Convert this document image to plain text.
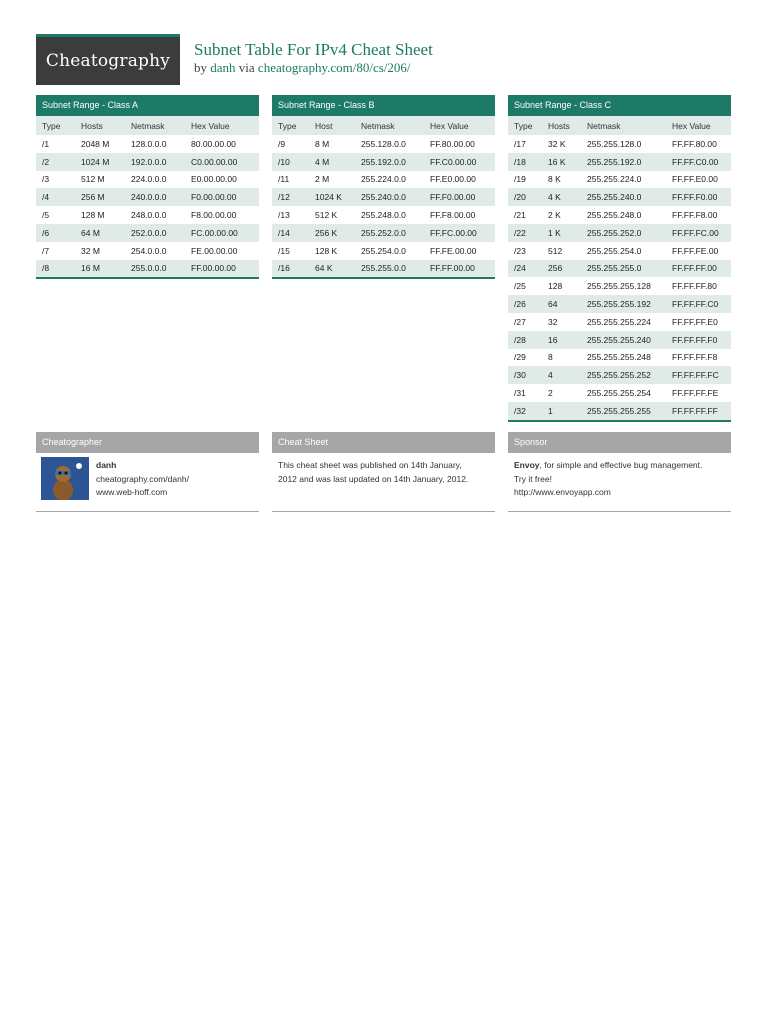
Cheatography
Subnet Table For IPv4 Cheat Sheet
by danh via cheatography.com/80/cs/206/
Subnet Range - Class A
Type	Hosts	Netmask	Hex Value
/1	2048 M	128.0.0.0	80.00.00.00
/2	1024 M	192.0.0.0	C0.00.00.00
/3	512 M	224.0.0.0	E0.00.00.00
/4	256 M	240.0.0.0	F0.00.00.00
/5	128 M	248.0.0.0	F8.00.00.00
/6	64 M	252.0.0.0	FC.00.00.00
/7	32 M	254.0.0.0	FE.00.00.00
/8	16 M	255.0.0.0	FF.00.00.00
Subnet Range - Class B
Type	Host	Netmask	Hex Value
/9	8 M	255.128.0.0	FF.80.00.00
/10	4 M	255.192.0.0	FF.C0.00.00
/11	2 M	255.224.0.0	FF.E0.00.00
/12	1024 K	255.240.0.0	FF.F0.00.00
/13	512 K	255.248.0.0	FF.F8.00.00
/14	256 K	255.252.0.0	FF.FC.00.00
/15	128 K	255.254.0.0	FF.FE.00.00
/16	64 K	255.255.0.0	FF.FF.00.00
Subnet Range - Class C
Type	Hosts	Netmask	Hex Value
/17	32 K	255.255.128.0	FF.FF.80.00
/18	16 K	255.255.192.0	FF.FF.C0.00
/19	8 K	255.255.224.0	FF.FF.E0.00
/20	4 K	255.255.240.0	FF.FF.F0.00
/21	2 K	255.255.248.0	FF.FF.F8.00
/22	1 K	255.255.252.0	FF.FF.FC.00
/23	512	255.255.254.0	FF.FF.FE.00
/24	256	255.255.255.0	FF.FF.FF.00
/25	128	255.255.255.128	FF.FF.FF.80
/26	64	255.255.255.192	FF.FF.FF.C0
/27	32	255.255.255.224	FF.FF.FF.E0
/28	16	255.255.255.240	FF.FF.FF.F0
/29	8	255.255.255.248	FF.FF.FF.F8
/30	4	255.255.255.252	FF.FF.FF.FC
/31	2	255.255.255.254	FF.FF.FF.FE
/32	1	255.255.255.255	FF.FF.FF.FF
Cheatographer
danh
cheatography.com/danh/
www.web-hoff.com
Cheat Sheet
This cheat sheet was published on 14th January,
2012 and was last updated on 14th January, 2012.
Sponsor
Envoy, for simple and effective bug management.
Try it free!
http://www.envoyapp.com
